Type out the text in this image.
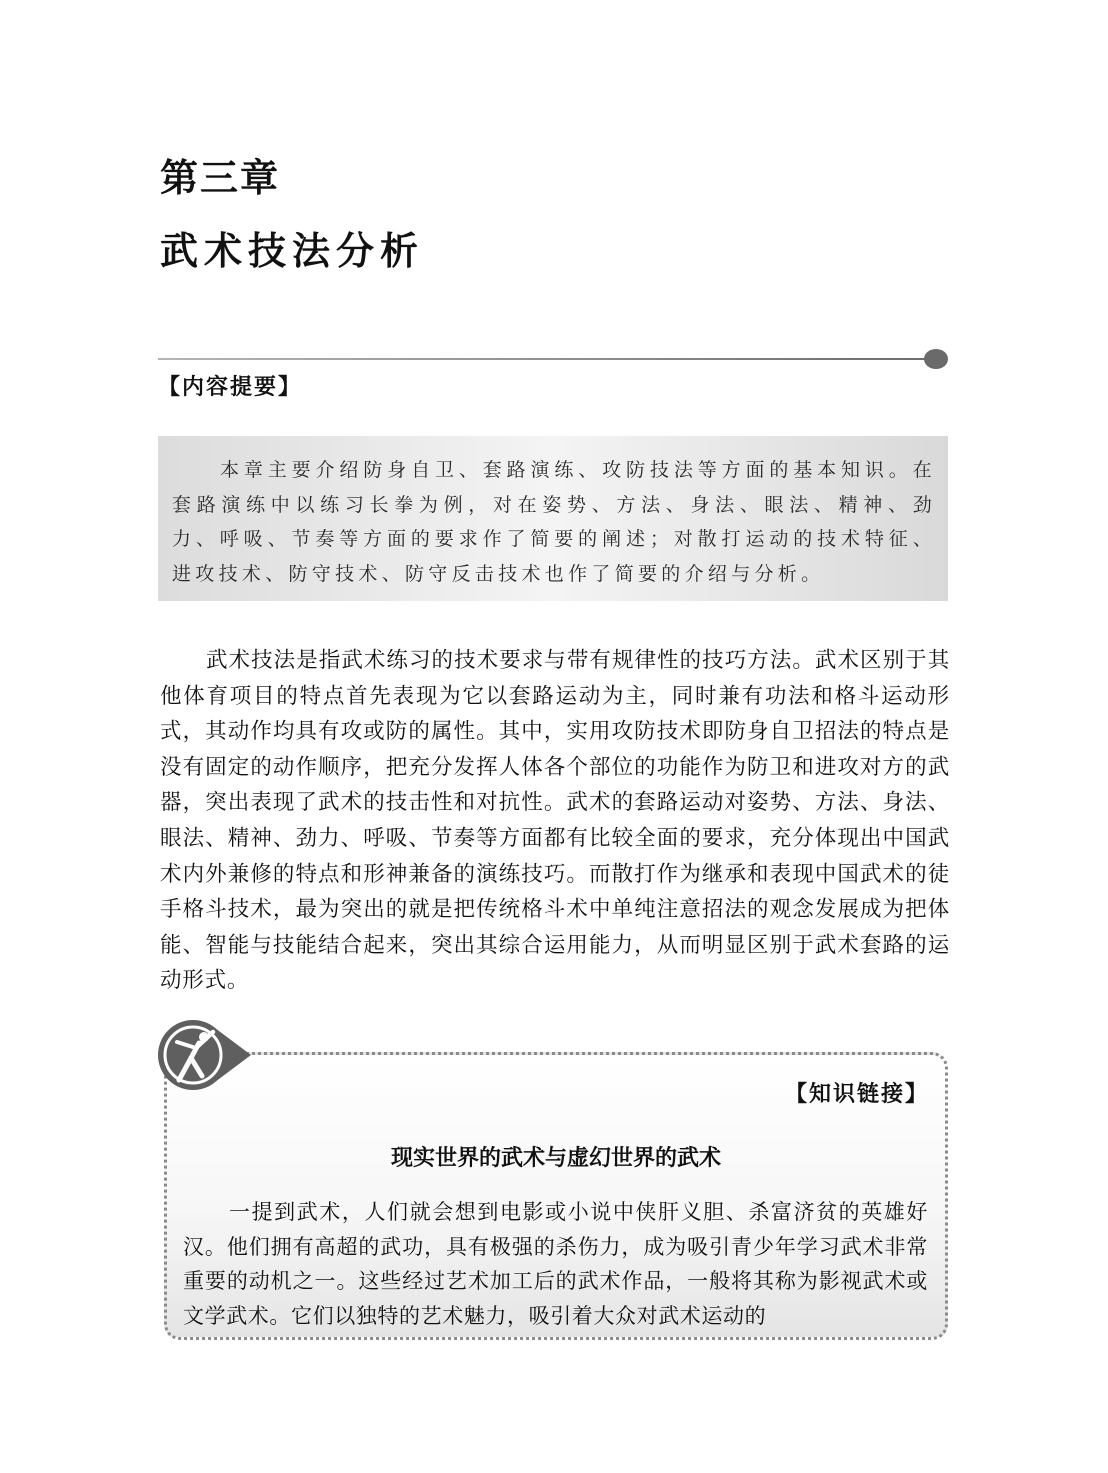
第三章
武术技法分析
【内容提要】

本章主要介绍防身自卫、套路演练、攻防技法等方面的基本知识。在套路演练中以练习长拳为例，对在姿势、方法、身法、眼法、精神、劲力、呼吸、节奏等方面的要求作了简要的阐述；对散打运动的技术特征、进攻技术、防守技术、防守反击技术也作了简要的介绍与分析。

武术技法是指武术练习的技术要求与带有规律性的技巧方法。武术区别于其他体育项目的特点首先表现为它以套路运动为主，同时兼有功法和格斗运动形式，其动作均具有攻或防的属性。其中，实用攻防技术即防身自卫招法的特点是没有固定的动作顺序，把充分发挥人体各个部位的功能作为防卫和进攻对方的武器，突出表现了武术的技击性和对抗性。武术的套路运动对姿势、方法、身法、眼法、精神、劲力、呼吸、节奏等方面都有比较全面的要求，充分体现出中国武术内外兼修的特点和形神兼备的演练技巧。而散打作为继承和表现中国武术的徒手格斗技术，最为突出的就是把传统格斗术中单纯注意招法的观念发展成为把体能、智能与技能结合起来，突出其综合运用能力，从而明显区别于武术套路的运动形式。

【知识链接】
现实世界的武术与虚幻世界的武术

一提到武术，人们就会想到电影或小说中侠肝义胆、杀富济贫的英雄好汉。他们拥有高超的武功，具有极强的杀伤力，成为吸引青少年学习武术非常重要的动机之一。这些经过艺术加工后的武术作品，一般将其称为影视武术或文学武术。它们以独特的艺术魅力，吸引着大众对武术运动的
